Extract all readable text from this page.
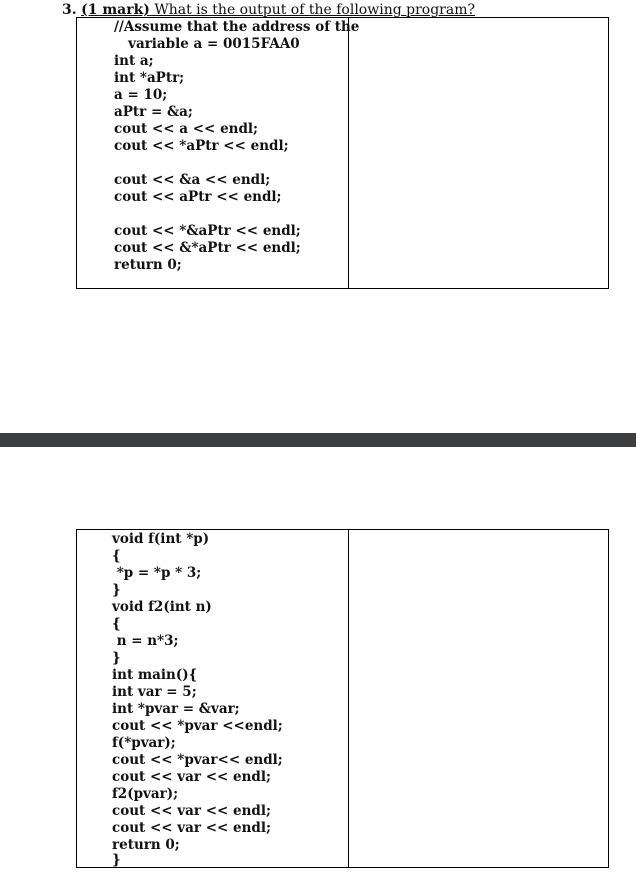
3. (1 mark) What is the output of the following program?
//Assume that the address of the
variable a = 0015FAA0
int a;
int *aPtr;
a = 10;
aPtr = &a;
cout << a << endl;
cout << *aPtr << endl;
cout << &a << endl;
cout << aPtr << endl;
cout << *&aPtr << endl;
cout << &*aPtr << endl;
return 0;
void f(int *p)
{
*p = *p * 3;
}
void f2(int n)
{
n = n*3;
}
int main(){
int var = 5;
int *pvar = &var;
cout << *pvar <<endl;
f(*pvar);
cout << *pvar<< endl;
cout << var << endl;
f2(pvar);
cout << var << endl;
cout << var << endl;
return 0;
}
